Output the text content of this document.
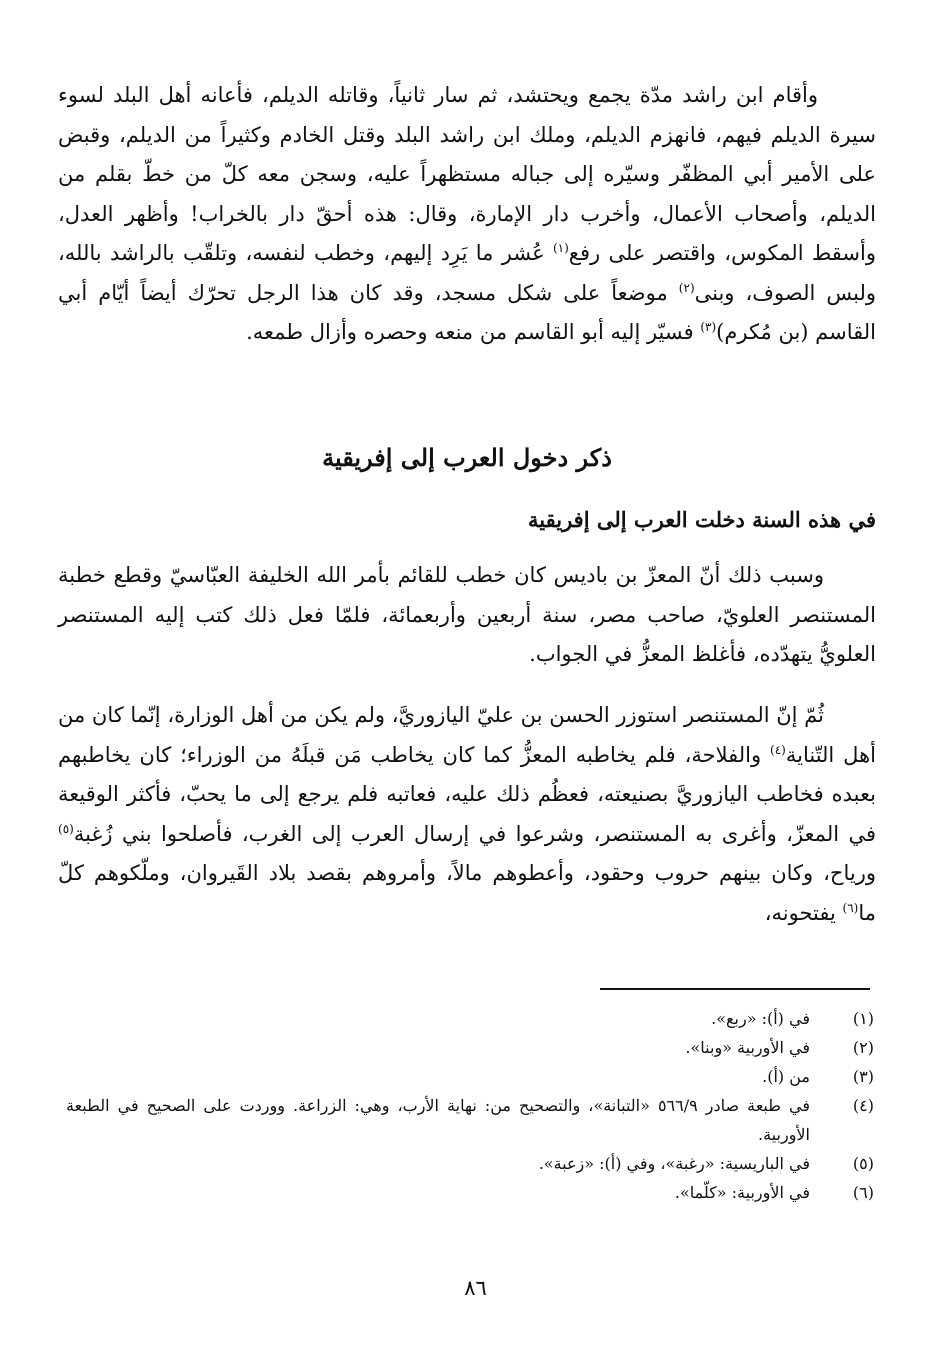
وأقام ابن راشد مدّة يجمع ويحتشد، ثم سار ثانياً، وقاتله الديلم، فأعانه أهل البلد لسوء سيرة الديلم فيهم، فانهزم الديلم، وملك ابن راشد البلد وقتل الخادم وكثيراً من الديلم، وقبض على الأمير أبي المظفّر وسيّره إلى جباله مستظهراً عليه، وسجن معه كلّ من خطّ بقلم من الديلم، وأصحاب الأعمال، وأخرب دار الإمارة، وقال: هذه أحقّ دار بالخراب! وأظهر العدل، وأسقط المكوس، واقتصر على رفع$^{(١)}$ عُشر ما يَرِد إليهم، وخطب لنفسه، وتلقّب بالراشد بالله، ولبس الصوف، وبنى$^{(٢)}$ موضعاً على شكل مسجد، وقد كان هذا الرجل تحرّك أيضاً أيّام أبي القاسم (بن مُكرم)$^{(٣)}$ فسيّر إليه أبو القاسم من منعه وحصره وأزال طمعه.

ذكر دخول العرب إلى إفريقية
في هذه السنة دخلت العرب إلى إفريقية

وسبب ذلك أنّ المعزّ بن باديس كان خطب للقائم بأمر الله الخليفة العبّاسيّ وقطع خطبة المستنصر العلويّ، صاحب مصر، سنة أربعين وأربعمائة، فلمّا فعل ذلك كتب إليه المستنصر العلويُّ يتهدّده، فأغلظ المعزُّ في الجواب.

ثُمّ إنّ المستنصر استوزر الحسن بن عليّ اليازوريَّ، ولم يكن من أهل الوزارة، إنّما كان من أهل التّناية$^{(٤)}$ والفلاحة، فلم يخاطبه المعزُّ كما كان يخاطب مَن قبلَهُ من الوزراء؛ كان يخاطبهم بعبده فخاطب اليازوريَّ بصنيعته، فعظُم ذلك عليه، فعاتبه فلم يرجع إلى ما يحبّ، فأكثر الوقيعة في المعزّ، وأغرى به المستنصر، وشرعوا في إرسال العرب إلى الغرب، فأصلحوا بني زُغبة$^{(٥)}$ ورياح، وكان بينهم حروب وحقود، وأعطوهم مالاً، وأمروهم بقصد بلاد القَيروان، وملّكوهم كلّ ما$^{(٦)}$ يفتحونه،

(١)
في (أ): «ربع».
(٢)
في الأوربية «وبنا».
(٣)
من (أ).
(٤)
في طبعة صادر ٥٦٦/٩ «التبانة»، والتصحيح من: نهاية الأرب، وهي: الزراعة. ووردت على الصحيح في الطبعة الأوربية.
(٥)
في الباريسية: «رغبة»، وفي (أ): «زعبة».
(٦)
في الأوربية: «كلّما».
٨٦
